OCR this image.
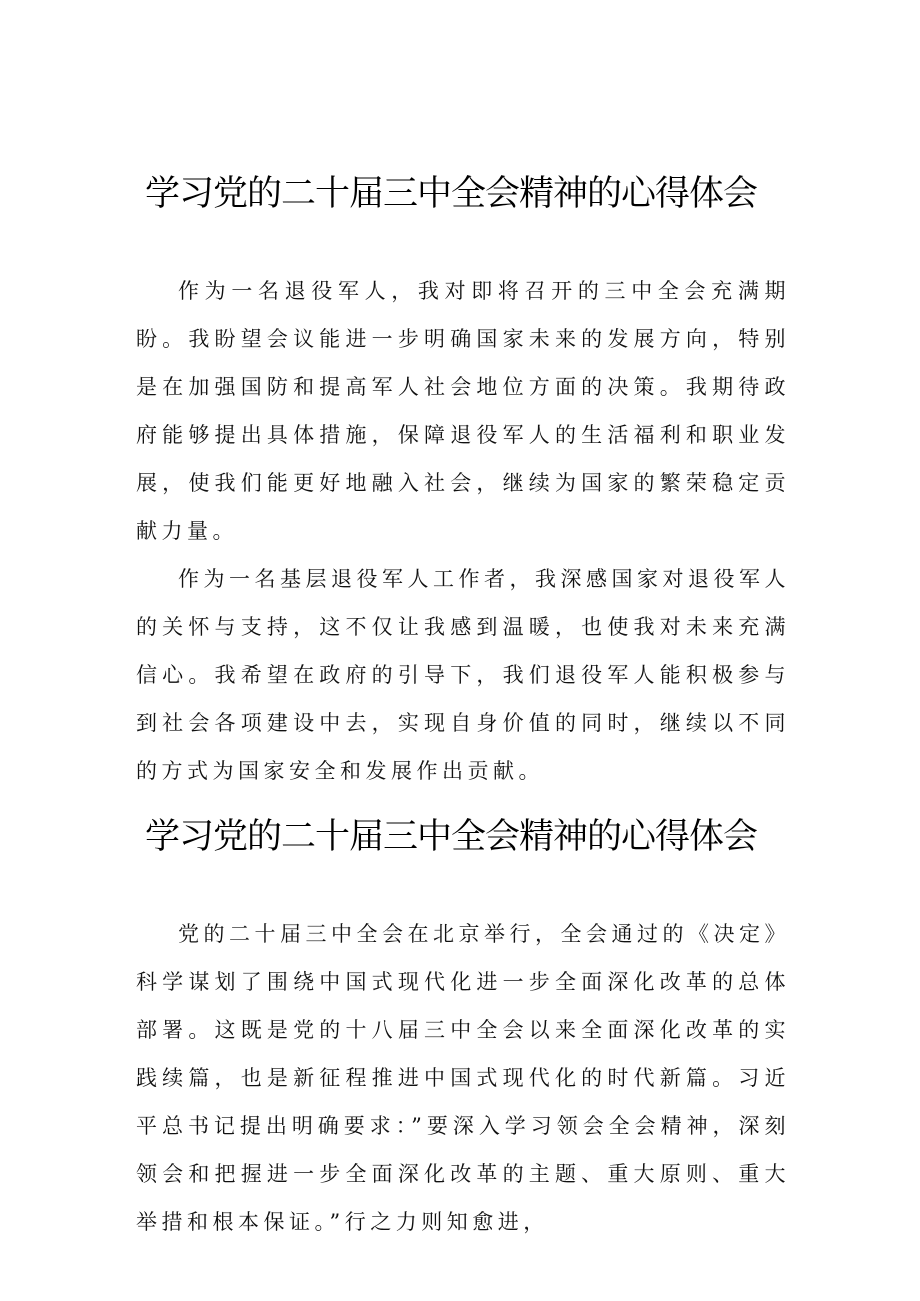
学习党的二十届三中全会精神的心得体会

作为一名退役军人，我对即将召开的三中全会充满期盼。我盼望会议能进一步明确国家未来的发展方向，特别是在加强国防和提高军人社会地位方面的决策。我期待政府能够提出具体措施，保障退役军人的生活福利和职业发展，使我们能更好地融入社会，继续为国家的繁荣稳定贡献力量。

作为一名基层退役军人工作者，我深感国家对退役军人的关怀与支持，这不仅让我感到温暖，也使我对未来充满信心。我希望在政府的引导下，我们退役军人能积极参与到社会各项建设中去，实现自身价值的同时，继续以不同的方式为国家安全和发展作出贡献。

学习党的二十届三中全会精神的心得体会

党的二十届三中全会在北京举行，全会通过的《决定》科学谋划了围绕中国式现代化进一步全面深化改革的总体部署。这既是党的十八届三中全会以来全面深化改革的实践续篇，也是新征程推进中国式现代化的时代新篇。习近平总书记提出明确要求：”要深入学习领会全会精神，深刻领会和把握进一步全面深化改革的主题、重大原则、重大举措和根本保证。”行之力则知愈进，
